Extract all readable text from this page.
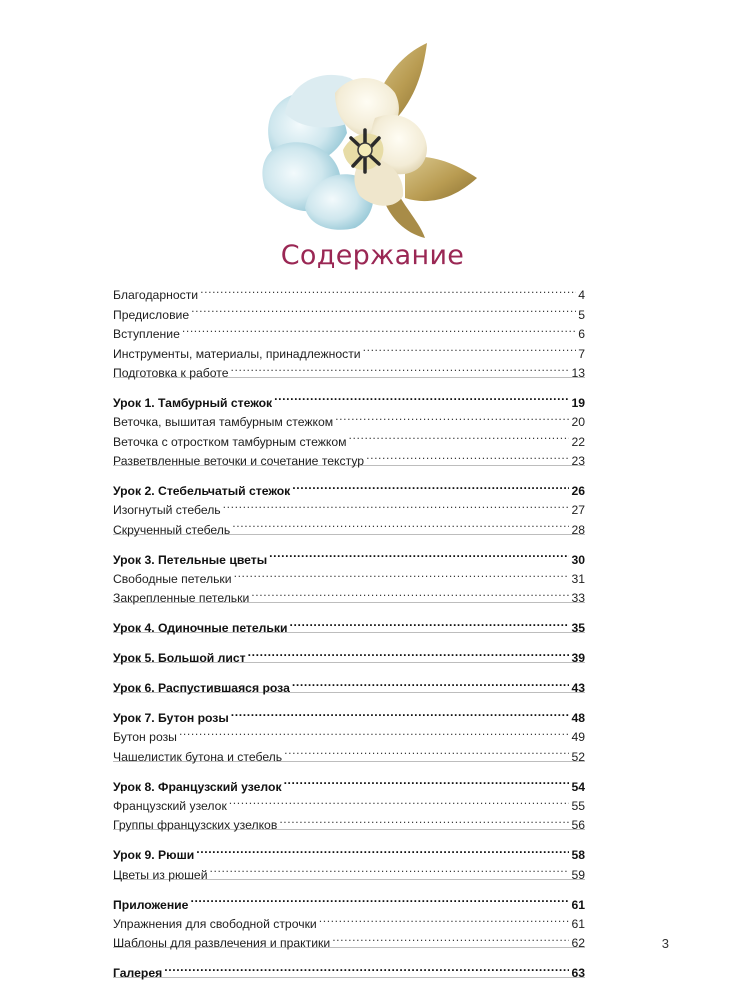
Содержание
Благодарности .....	4
Предисловие .....	5
Вступление .....	6
Инструменты, материалы, принадлежности .....	7
Подготовка к работе .....	13
Урок 1. Тамбурный стежок .....	19
Веточка, вышитая тамбурным стежком .....	20
Веточка с отростком тамбурным стежком .....	22
Разветвленные веточки и сочетание текстур .....	23
Урок 2. Стебельчатый стежок .....	26
Изогнутый стебель .....	27
Скрученный стебель .....	28
Урок 3. Петельные цветы .....	30
Свободные петельки .....	31
Закрепленные петельки .....	33
Урок 4. Одиночные петельки .....	35
Урок 5. Большой лист .....	39
Урок 6. Распустившаяся роза .....	43
Урок 7. Бутон розы .....	48
Бутон розы .....	49
Чашелистик бутона и стебель .....	52
Урок 8. Французский узелок .....	54
Французский узелок .....	55
Группы французских узелков .....	56
Урок 9. Рюши .....	58
Цветы из рюшей .....	59
Приложение .....	61
Упражнения для свободной строчки .....	61
Шаблоны для развлечения и практики .....	62
Галерея .....	63
3
